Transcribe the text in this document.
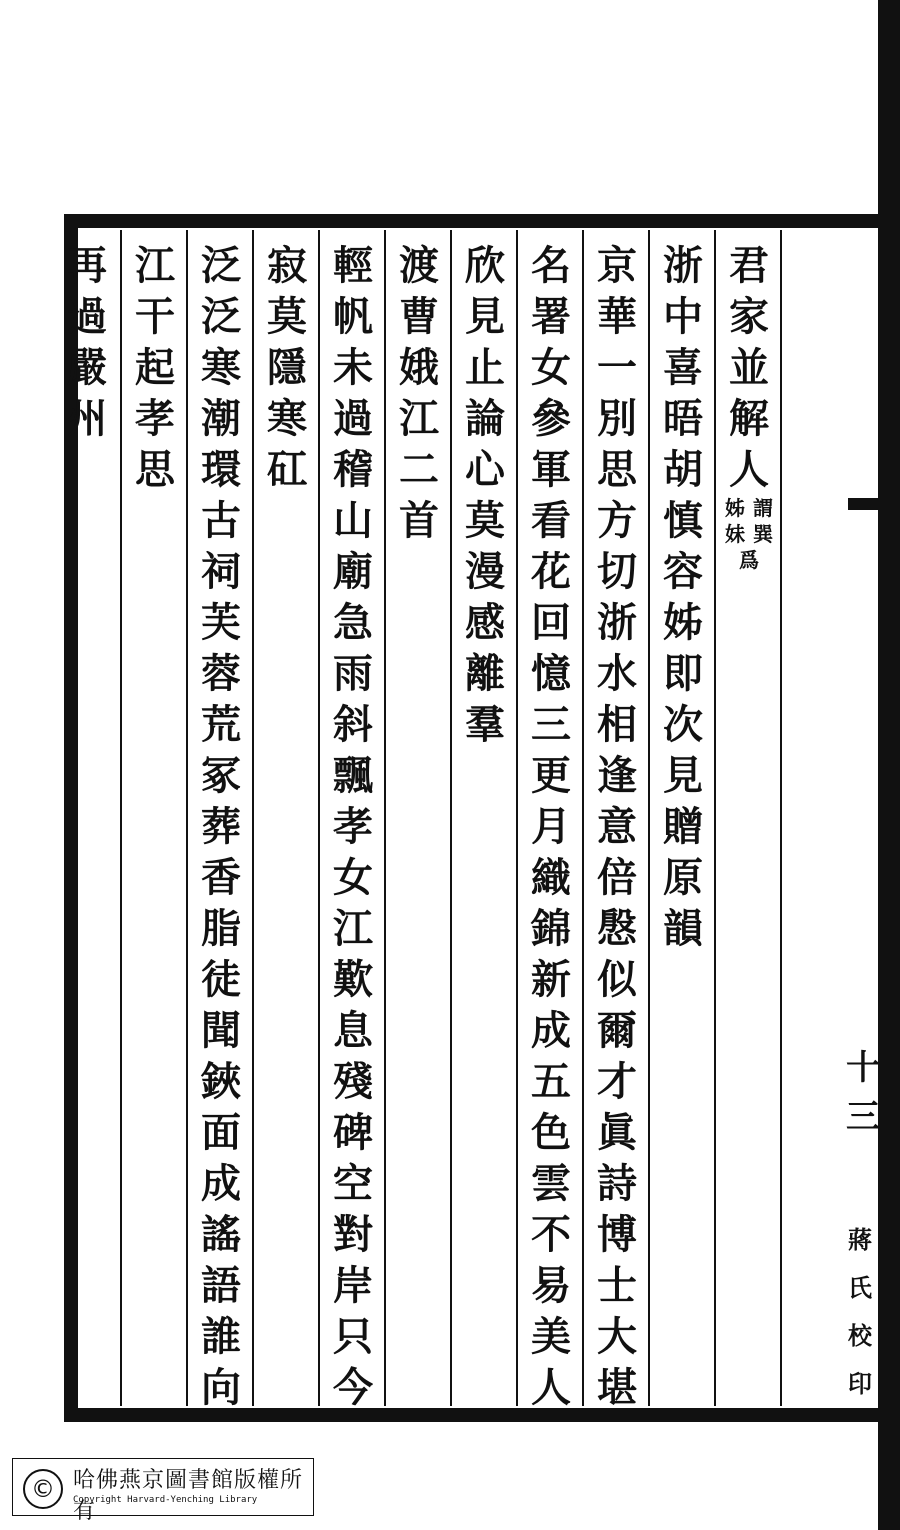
君家並解人
謂巽
姊妹
爲
浙中喜晤胡慎容姊即次見贈原韻
京華一別思方切浙水相逢意倍慇似爾才眞詩博士大堪
名署女參軍看花回憶三更月織錦新成五色雲不易美人
欣見止論心莫漫感離羣
渡曹娥江二首
輕帆未過稽山廟急雨斜飄孝女江歎息殘碑空對岸只今
寂莫隱寒矼
泛泛寒潮環古祠芙蓉荒冢葬香脂徒聞鋏面成謠語誰向
江干起孝思
再過嚴州
十三
蔣氏校印
© 哈佛燕京圖書館版權所有
Copyright Harvard-Yenching Library
